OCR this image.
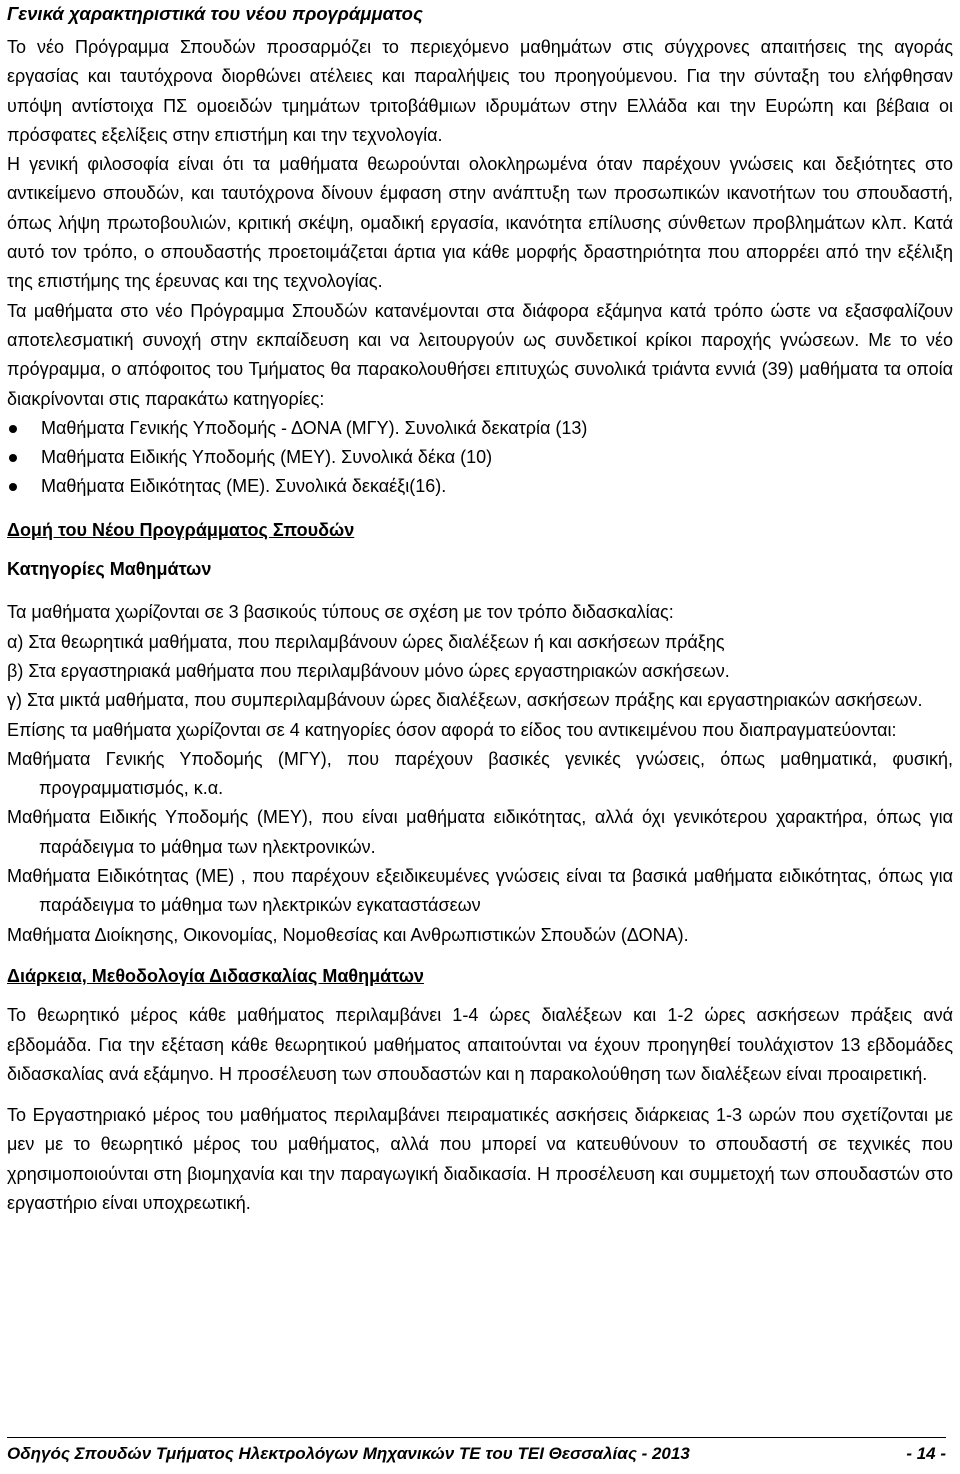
Γενικά χαρακτηριστικά του νέου προγράμματος

Το νέο Πρόγραμμα Σπουδών προσαρμόζει το περιεχόμενο μαθημάτων στις σύγχρονες απαιτήσεις της αγοράς εργασίας και ταυτόχρονα διορθώνει ατέλειες και παραλήψεις του προηγούμενου. Για την σύνταξη του ελήφθησαν υπόψη αντίστοιχα ΠΣ ομοειδών τμημάτων τριτοβάθμιων ιδρυμάτων στην Ελλάδα και την Ευρώπη και βέβαια οι πρόσφατες εξελίξεις στην επιστήμη και την τεχνολογία.

Η γενική φιλοσοφία είναι ότι τα μαθήματα θεωρούνται ολοκληρωμένα όταν παρέχουν γνώσεις και δεξιότητες στο αντικείμενο σπουδών, και ταυτόχρονα δίνουν έμφαση στην ανάπτυξη των προσωπικών ικανοτήτων του σπουδαστή, όπως λήψη πρωτοβουλιών, κριτική σκέψη, ομαδική εργασία, ικανότητα επίλυσης σύνθετων προβλημάτων κλπ. Κατά αυτό τον τρόπο, ο σπουδαστής προετοιμάζεται άρτια για κάθε μορφής δραστηριότητα που απορρέει από την εξέλιξη της επιστήμης της έρευνας και της τεχνολογίας.

Τα μαθήματα στο νέο Πρόγραμμα Σπουδών κατανέμονται στα διάφορα εξάμηνα κατά τρόπο ώστε να εξασφαλίζουν αποτελεσματική συνοχή στην εκπαίδευση και να λειτουργούν ως συνδετικοί κρίκοι παροχής γνώσεων. Με το νέο πρόγραμμα, ο απόφοιτος του Τμήματος θα παρακολουθήσει επιτυχώς συνολικά τριάντα εννιά (39) μαθήματα τα οποία διακρίνονται στις παρακάτω κατηγορίες:

Μαθήματα Γενικής Υποδομής - ΔΟΝΑ (ΜΓΥ). Συνολικά δεκατρία (13)
Μαθήματα Ειδικής Υποδομής (ΜΕΥ). Συνολικά δέκα (10)
Μαθήματα Ειδικότητας (ΜΕ). Συνολικά δεκαέξι(16).
Δομή του Νέου Προγράμματος Σπουδών
Κατηγορίες Μαθημάτων

Τα μαθήματα χωρίζονται σε 3 βασικούς τύπους σε σχέση με τον τρόπο διδασκαλίας:

α) Στα θεωρητικά μαθήματα, που περιλαμβάνουν ώρες διαλέξεων ή και ασκήσεων πράξης

β) Στα εργαστηριακά μαθήματα που περιλαμβάνουν μόνο ώρες εργαστηριακών ασκήσεων.

γ) Στα μικτά μαθήματα, που συμπεριλαμβάνουν ώρες διαλέξεων, ασκήσεων πράξης και εργαστηριακών ασκήσεων.

Επίσης τα μαθήματα χωρίζονται σε 4 κατηγορίες όσον αφορά το είδος του αντικειμένου που διαπραγματεύονται:

Μαθήματα Γενικής Υποδομής (ΜΓΥ), που παρέχουν βασικές γενικές γνώσεις, όπως μαθηματικά, φυσική, προγραμματισμός, κ.α.

Μαθήματα Ειδικής Υποδομής (ΜΕΥ), που είναι μαθήματα ειδικότητας, αλλά όχι γενικότερου χαρακτήρα, όπως για παράδειγμα το μάθημα των ηλεκτρονικών.

Μαθήματα Ειδικότητας (ΜΕ) , που παρέχουν εξειδικευμένες γνώσεις είναι τα βασικά μαθήματα ειδικότητας, όπως για παράδειγμα το μάθημα των ηλεκτρικών εγκαταστάσεων

Μαθήματα Διοίκησης, Οικονομίας, Νομοθεσίας και Ανθρωπιστικών Σπουδών (ΔΟΝΑ).

Διάρκεια, Μεθοδολογία Διδασκαλίας Μαθημάτων

Το θεωρητικό μέρος κάθε μαθήματος περιλαμβάνει 1-4 ώρες διαλέξεων και 1-2 ώρες ασκήσεων πράξεις ανά εβδομάδα. Για την εξέταση κάθε θεωρητικού μαθήματος απαιτούνται να έχουν προηγηθεί τουλάχιστον 13 εβδομάδες διδασκαλίας ανά εξάμηνο. Η προσέλευση των σπουδαστών και η παρακολούθηση των διαλέξεων είναι προαιρετική.

Το Εργαστηριακό μέρος του μαθήματος περιλαμβάνει πειραματικές ασκήσεις διάρκειας 1-3 ωρών που σχετίζονται με μεν με το θεωρητικό μέρος του μαθήματος, αλλά που μπορεί να κατευθύνουν το σπουδαστή σε τεχνικές που χρησιμοποιούνται στη βιομηχανία και την παραγωγική διαδικασία. Η προσέλευση και συμμετοχή των σπουδαστών στο εργαστήριο είναι υποχρεωτική.

Οδηγός Σπουδών Τμήματος Ηλεκτρολόγων Μηχανικών ΤΕ του ΤΕΙ Θεσσαλίας - 2013	- 14 -
